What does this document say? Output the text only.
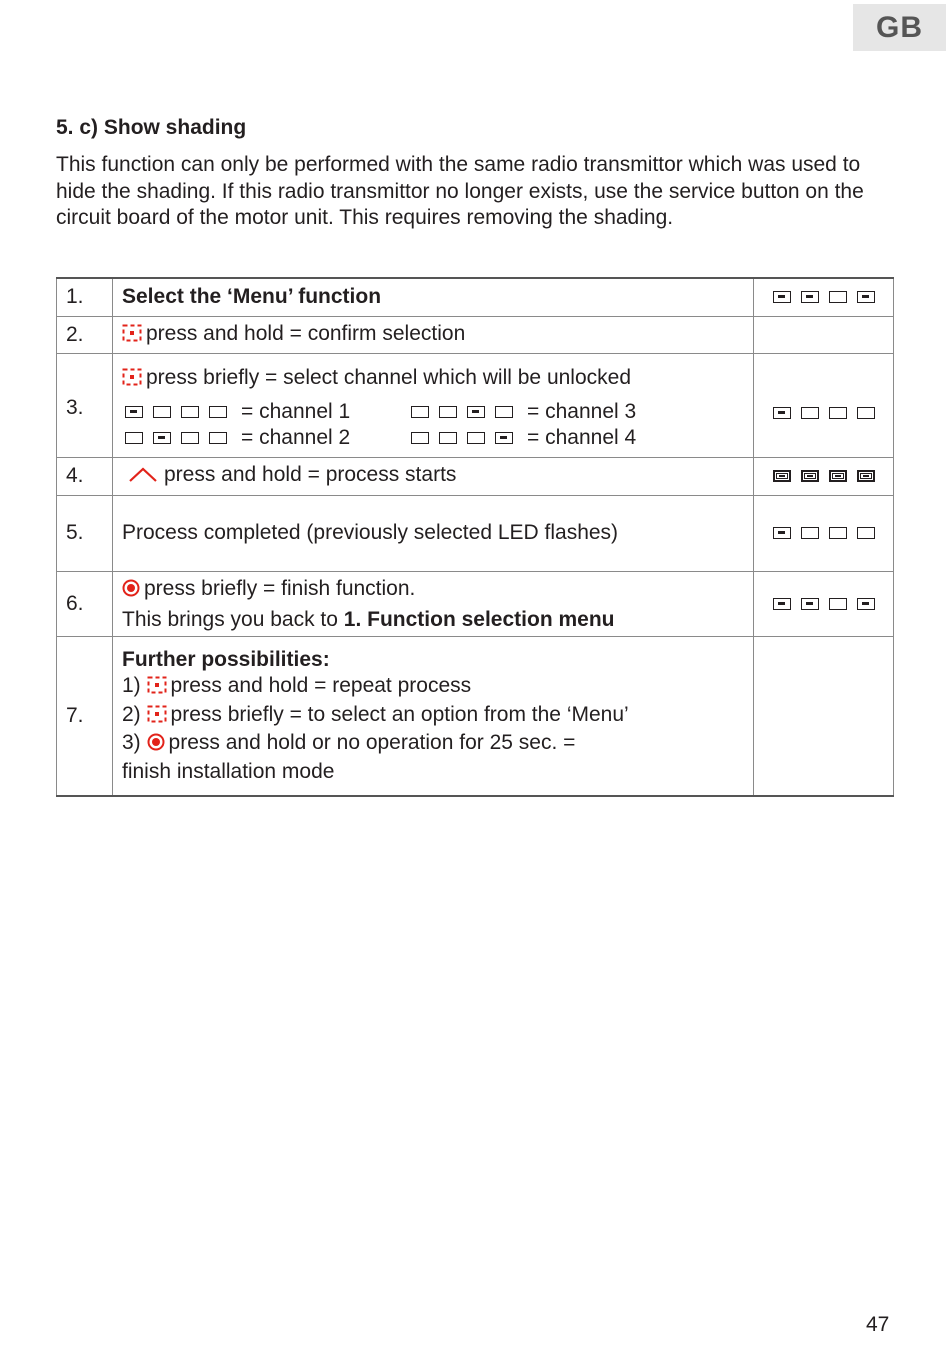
GB
5. c) Show shading

This function can only be performed with the same radio transmittor which was used to hide the shading. If this radio transmittor no longer exists, use the service button on the circuit board of the motor unit. This requires removing the shading.

1.	Select the ‘Menu’ function	

2.	press and hold = confirm selection	
3.	press briefly = select channel which will be unlocked
= channel 1 = channel 3
= channel 2 = channel 4	

4.	press and hold = process starts	

5.	Process completed (previously selected LED flashes)	

6.	press briefly = finish function.
This brings you back to 1. Function selection menu	

7.	Further possibilities:
1) press and hold = repeat process
2) press briefly = to select an option from the ‘Menu’
3) press and hold or no operation for 25 sec. =
finish installation mode	

47
